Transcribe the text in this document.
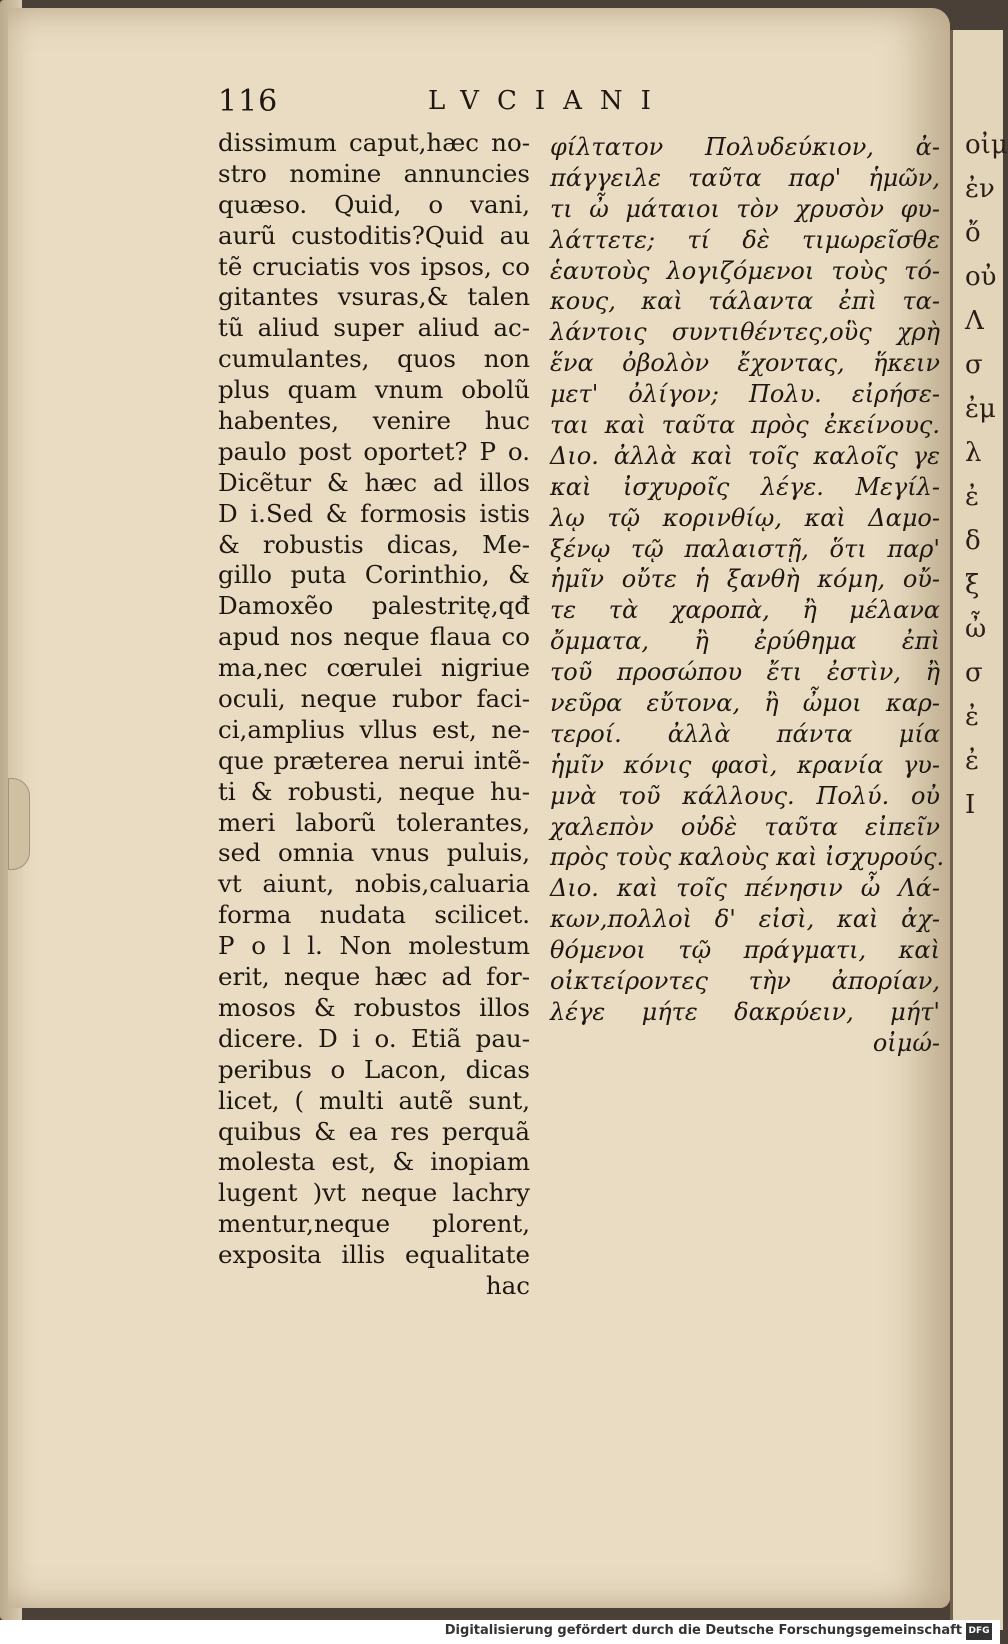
οἰμ
ἐν
ὄ
οὐ
Λ
σ
ἐμ
λ
ἐ
δ
ξ
ὦ
σ
ἐ
ἐ
Ι
116	LVCIANI
dissimum caput,hæc no-
stro nomine annuncies
quæso. Quid, o vani,
aurũ custoditis?Quid au
tẽ cruciatis vos ipsos, co
gitantes vsuras,& talen
tũ aliud super aliud ac-
cumulantes, quos non
plus quam vnum obolũ
habentes, venire huc
paulo post oportet? P o.
Dicẽtur & hæc ad illos
D i.Sed & formosis istis
& robustis dicas, Me-
gillo puta Corinthio, &
Damoxẽo palestritę,qđ
apud nos neque flaua co
ma,nec cœrulei nigriue
oculi, neque rubor faci-
ci,amplius vllus est, ne-
que præterea nerui intẽ-
ti & robusti, neque hu-
meri laborũ tolerantes,
sed omnia vnus puluis,
vt aiunt, nobis,caluaria
forma nudata scilicet.
P o l l. Non molestum
erit, neque hæc ad for-
mosos & robustos illos
dicere. D i o. Etiã pau-
peribus o Lacon, dicas
licet, ( multi autẽ sunt,
quibus & ea res perquã
molesta est, & inopiam
lugent )vt neque lachry
mentur,neque plorent,
exposita illis equalitate
hac
φίλτατον Πολυδεύκιον, ἀ-
πάγγειλε ταῦτα παρ' ἡμῶν,
τι ὦ μάταιοι τὸν χρυσὸν φυ-
λάττετε; τί δὲ τιμωρεῖσθε
ἑαυτοὺς λογιζόμενοι τοὺς τό-
κους, καὶ τάλαντα ἐπὶ τα-
λάντοις συντιθέντες,οὓς χρὴ
ἕνα ὀβολὸν ἔχοντας, ἥκειν
μετ' ὀλίγον; Πολυ. εἰρήσε-
ται καὶ ταῦτα πρὸς ἐκείνους.
Διο. ἀλλὰ καὶ τοῖς καλοῖς γε
καὶ ἰσχυροῖς λέγε. Μεγίλ-
λῳ τῷ κορινθίῳ, καὶ Δαμο-
ξένῳ τῷ παλαιστῇ, ὅτι παρ'
ἡμῖν οὔτε ἡ ξανθὴ κόμη, οὔ-
τε τὰ χαροπὰ, ἢ μέλανα
ὄμματα, ἢ ἐρύθημα ἐπὶ
τοῦ προσώπου ἔτι ἐστὶν, ἢ
νεῦρα εὔτονα, ἢ ὦμοι καρ-
τεροί. ἀλλὰ πάντα μία
ἡμῖν κόνις φασὶ, κρανία γυ-
μνὰ τοῦ κάλλους. Πολύ. οὐ
χαλεπὸν οὐδὲ ταῦτα εἰπεῖν
πρὸς τοὺς καλοὺς καὶ ἰσχυρούς.
Διο. καὶ τοῖς πένησιν ὦ Λά-
κων,πολλοὶ δ' εἰσὶ, καὶ ἀχ-
θόμενοι τῷ πράγματι, καὶ
οἰκτείροντες τὴν ἀπορίαν,
λέγε μήτε δακρύειν, μήτ'
οἰμώ-
Digitalisierung gefördert durch die Deutsche Forschungsgemeinschaft DFG
